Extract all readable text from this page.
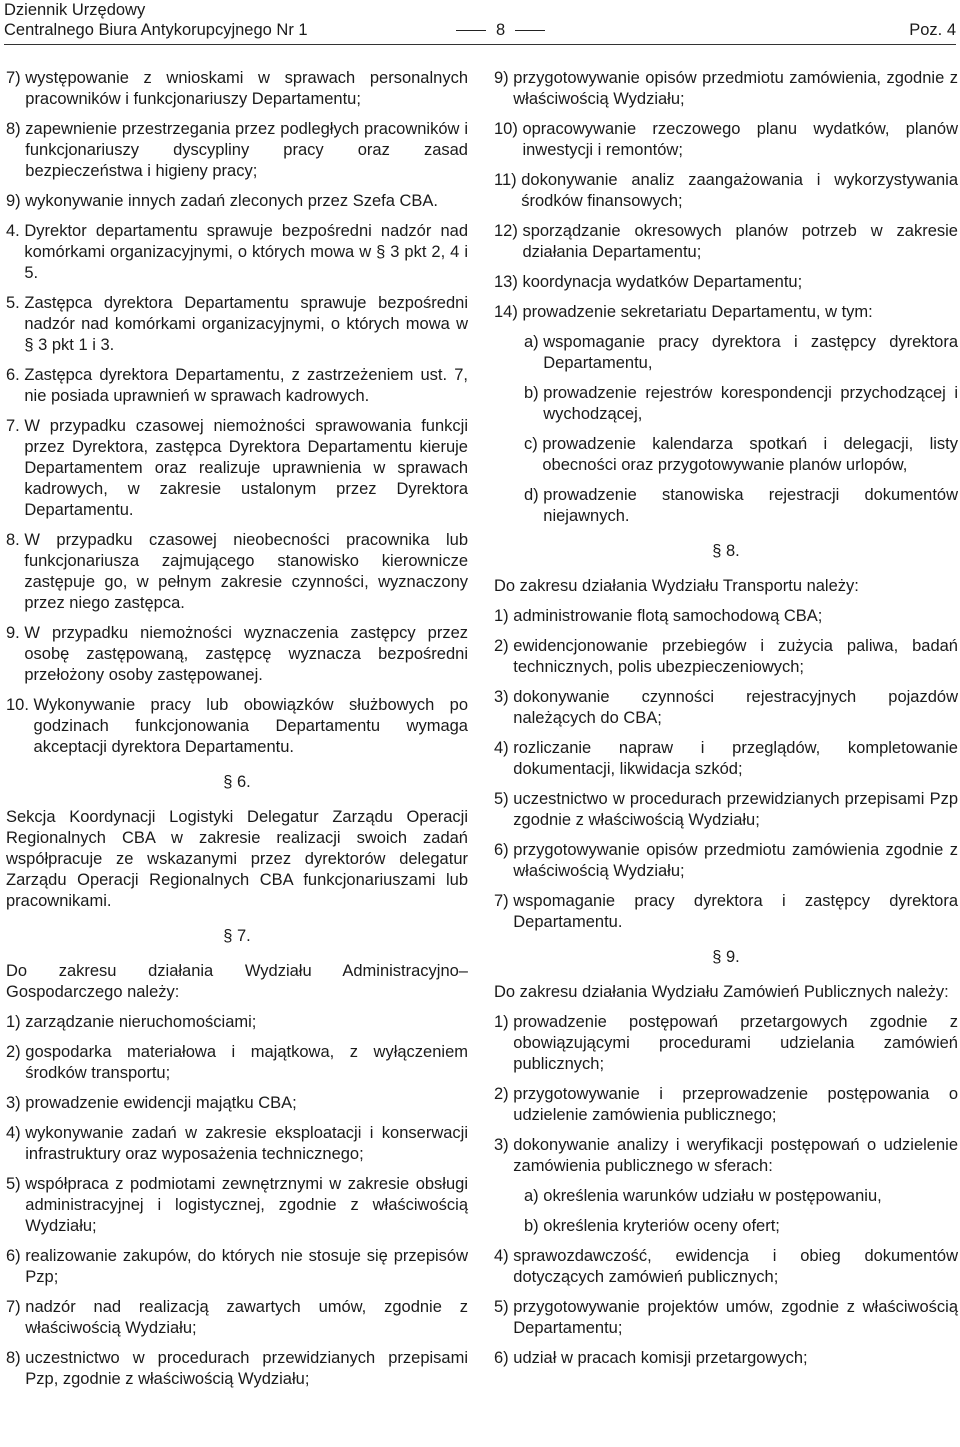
Dziennik Urzędowy
Centralnego Biura Antykorupcyjnego Nr 1	8	Poz. 4
7) występowanie z wnioskami w sprawach personalnych pracowników i funkcjonariuszy Departamentu;
8) zapewnienie przestrzegania przez podległych pracowników i funkcjonariuszy dyscypliny pracy oraz zasad bezpieczeństwa i higieny pracy;
9) wykonywanie innych zadań zleconych przez Szefa CBA.
4. Dyrektor departamentu sprawuje bezpośredni nadzór nad komórkami organizacyjnymi, o których mowa w § 3 pkt 2, 4 i 5.
5. Zastępca dyrektora Departamentu sprawuje bezpośredni nadzór nad komórkami organizacyjnymi, o których mowa w § 3 pkt 1 i 3.
6. Zastępca dyrektora Departamentu, z zastrzeżeniem ust. 7, nie posiada uprawnień w sprawach kadrowych.
7. W przypadku czasowej niemożności sprawowania funkcji przez Dyrektora, zastępca Dyrektora Departamentu kieruje Departamentem oraz realizuje uprawnienia w sprawach kadrowych, w zakresie ustalonym przez Dyrektora Departamentu.
8. W przypadku czasowej nieobecności pracownika lub funkcjonariusza zajmującego stanowisko kierownicze zastępuje go, w pełnym zakresie czynności, wyznaczony przez niego zastępca.
9. W przypadku niemożności wyznaczenia zastępcy przez osobę zastępowaną, zastępcę wyznacza bezpośredni przełożony osoby zastępowanej.
10. Wykonywanie pracy lub obowiązków służbowych po godzinach funkcjonowania Departamentu wymaga akceptacji dyrektora Departamentu.
§ 6.
Sekcja Koordynacji Logistyki Delegatur Zarządu Operacji Regionalnych CBA w zakresie realizacji swoich zadań współpracuje ze wskazanymi przez dyrektorów delegatur Zarządu Operacji Regionalnych CBA funkcjonariuszami lub pracownikami.
§ 7.
Do zakresu działania Wydziału Administracyjno–Gospodarczego należy:
1) zarządzanie nieruchomościami;
2) gospodarka materiałowa i majątkowa, z wyłączeniem środków transportu;
3) prowadzenie ewidencji majątku CBA;
4) wykonywanie zadań w zakresie eksploatacji i konserwacji infrastruktury oraz wyposażenia technicznego;
5) współpraca z podmiotami zewnętrznymi w zakresie obsługi administracyjnej i logistycznej, zgodnie z właściwością Wydziału;
6) realizowanie zakupów, do których nie stosuje się przepisów Pzp;
7) nadzór nad realizacją zawartych umów, zgodnie z właściwością Wydziału;
8) uczestnictwo w procedurach przewidzianych przepisami Pzp, zgodnie z właściwością Wydziału;
9) przygotowywanie opisów przedmiotu zamówienia, zgodnie z właściwością Wydziału;
10) opracowywanie rzeczowego planu wydatków, planów inwestycji i remontów;
11) dokonywanie analiz zaangażowania i wykorzystywania środków finansowych;
12) sporządzanie okresowych planów potrzeb w zakresie działania Departamentu;
13) koordynacja wydatków Departamentu;
14) prowadzenie sekretariatu Departamentu, w tym:
a) wspomaganie pracy dyrektora i zastępcy dyrektora Departamentu,
b) prowadzenie rejestrów korespondencji przychodzącej i wychodzącej,
c) prowadzenie kalendarza spotkań i delegacji, listy obecności oraz przygotowywanie planów urlopów,
d) prowadzenie stanowiska rejestracji dokumentów niejawnych.
§ 8.
Do zakresu działania Wydziału Transportu należy:
1) administrowanie flotą samochodową CBA;
2) ewidencjonowanie przebiegów i zużycia paliwa, badań technicznych, polis ubezpieczeniowych;
3) dokonywanie czynności rejestracyjnych pojazdów należących do CBA;
4) rozliczanie napraw i przeglądów, kompletowanie dokumentacji, likwidacja szkód;
5) uczestnictwo w procedurach przewidzianych przepisami Pzp zgodnie z właściwością Wydziału;
6) przygotowywanie opisów przedmiotu zamówienia zgodnie z właściwością Wydziału;
7) wspomaganie pracy dyrektora i zastępcy dyrektora Departamentu.
§ 9.
Do zakresu działania Wydziału Zamówień Publicznych należy:
1) prowadzenie postępowań przetargowych zgodnie z obowiązującymi procedurami udzielania zamówień publicznych;
2) przygotowywanie i przeprowadzenie postępowania o udzielenie zamówienia publicznego;
3) dokonywanie analizy i weryfikacji postępowań o udzielenie zamówienia publicznego w sferach:
a) określenia warunków udziału w postępowaniu,
b) określenia kryteriów oceny ofert;
4) sprawozdawczość, ewidencja i obieg dokumentów dotyczących zamówień publicznych;
5) przygotowywanie projektów umów, zgodnie z właściwością Departamentu;
6) udział w pracach komisji przetargowych;
